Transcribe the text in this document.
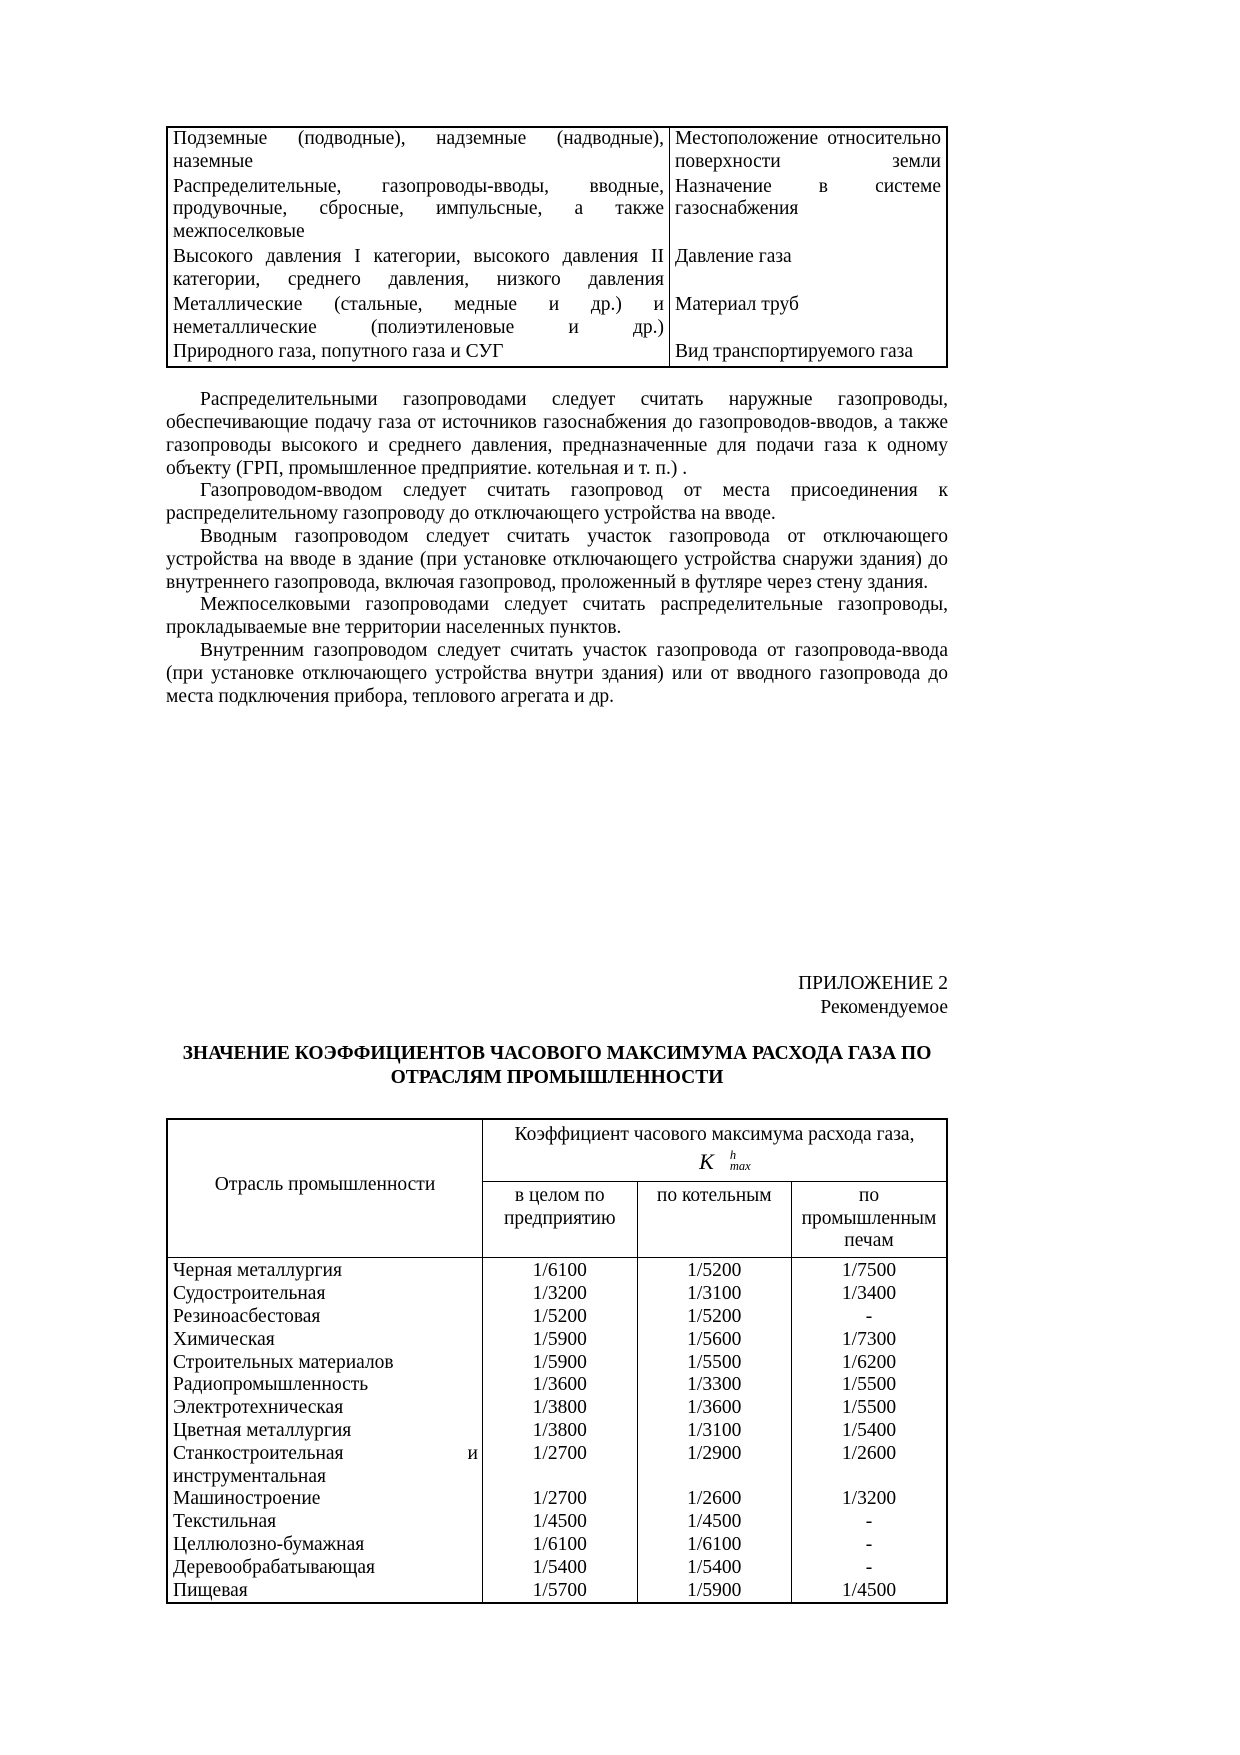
Подземные (подводные), надземные (надводные), наземные	Местоположение относительно поверхности земли
Распределительные, газопроводы-вводы, вводные, продувочные, сбросные, импульсные, а также межпоселковые	Назначение в системе газоснабжения
Высокого давления I категории, высокого давления II категории, среднего давления, низкого давления	Давление газа
Металлические (стальные, медные и др.) и неметаллические (полиэтиленовые и др.)	Материал труб
Природного газа, попутного газа и СУГ	Вид транспортируемого газа

Распределительными газопроводами следует считать наружные газопроводы, обеспечивающие подачу газа от источников газоснабжения до газопроводов-вводов, а также газопроводы высокого и среднего давления, предназначенные для подачи газа к одному объекту (ГРП, промышленное предприятие. котельная и т. п.) .

Газопроводом-вводом следует считать газопровод от места присоединения к распределительному газопроводу до отключающего устройства на вводе.

Вводным газопроводом следует считать участок газопровода от отключающего устройства на вводе в здание (при установке отключающего устройства снаружи здания) до внутреннего газопровода, включая газопровод, проложенный в футляре через стену здания.

Межпоселковыми газопроводами следует считать распределительные газопроводы, прокладываемые вне территории населенных пунктов.

Внутренним газопроводом следует считать участок газопровода от газопровода-ввода (при установке отключающего устройства внутри здания) или от вводного газопровода до места подключения прибора, теплового агрегата и др.

ПРИЛОЖЕНИЕ 2
Рекомендуемое
ЗНАЧЕНИЕ КОЭФФИЦИЕНТОВ ЧАСОВОГО МАКСИМУМА РАСХОДА ГАЗА ПО ОТРАСЛЯМ ПРОМЫШЛЕННОСТИ
Отрасль промышленности	Коэффициент часового максимума расхода газа,
K h
max		

	в целом по предприятию	по котельным	по промышленным печам
Черная металлургия	1/6100	1/5200	1/7500
Судостроительная	1/3200	1/3100	1/3400
Резиноасбестовая	1/5200	1/5200	-
Химическая	1/5900	1/5600	1/7300
Строительных материалов	1/5900	1/5500	1/6200
Радиопромышленность	1/3600	1/3300	1/5500
Электротехническая	1/3800	1/3600	1/5500
Цветная металлургия	1/3800	1/3100	1/5400
Станкостроительная и инструментальная	1/2700	1/2900	1/2600
Машиностроение	1/2700	1/2600	1/3200
Текстильная	1/4500	1/4500	-
Целлюлозно-бумажная	1/6100	1/6100	-
Деревообрабатывающая	1/5400	1/5400	-
Пищевая	1/5700	1/5900	1/4500
